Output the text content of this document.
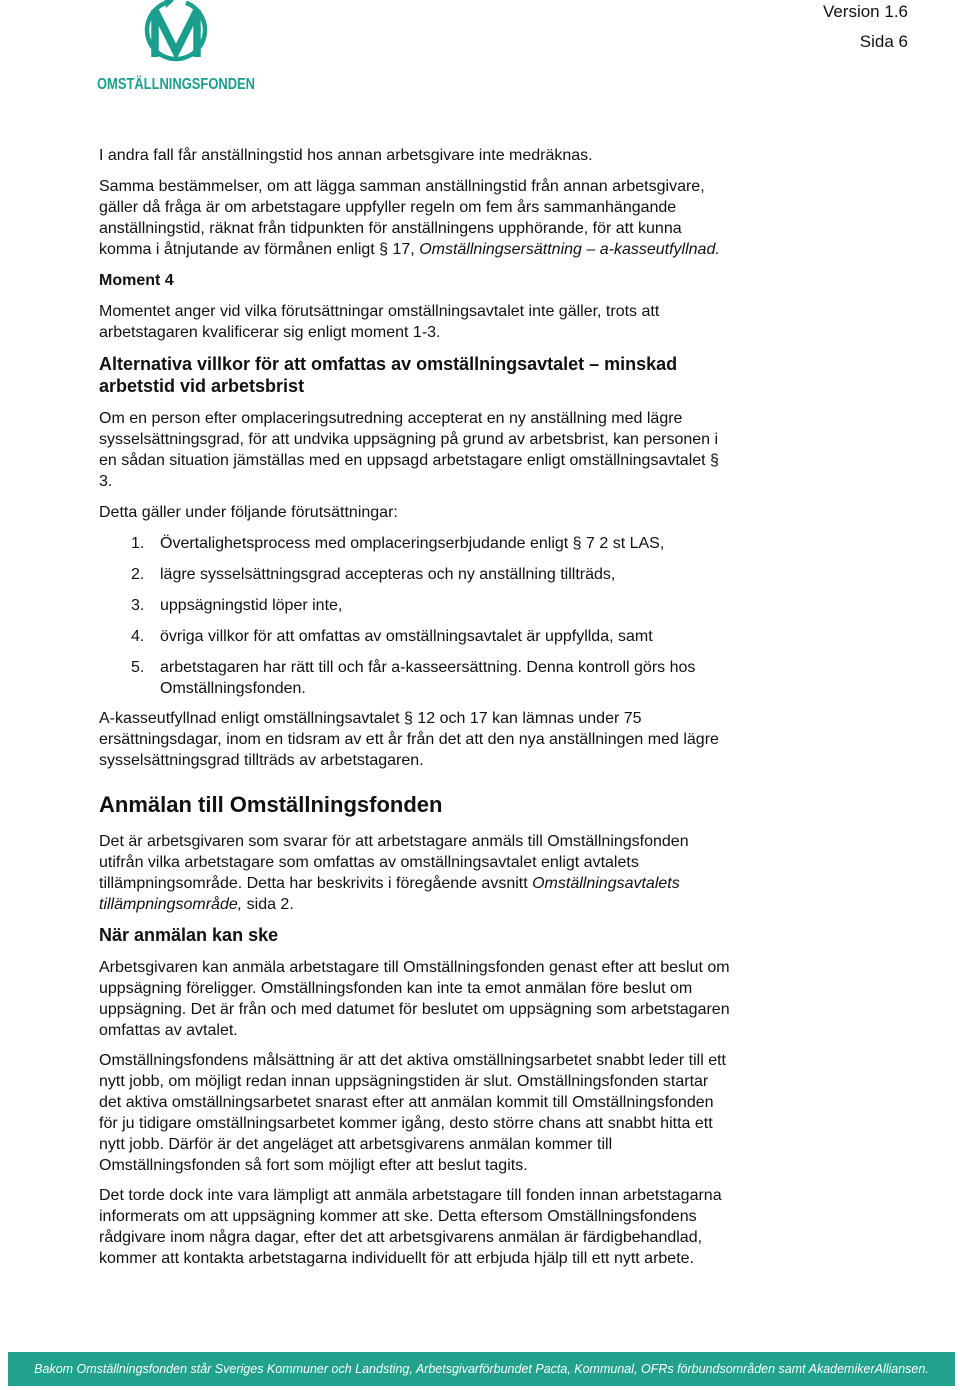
OMSTÄLLNINGSFONDEN
Version 1.6
Sida 6
I andra fall får anställningstid hos annan arbetsgivare inte medräknas.
Samma bestämmelser, om att lägga samman anställningstid från annan arbetsgivare,
gäller då fråga är om arbetstagare uppfyller regeln om fem års sammanhängande
anställningstid, räknat från tidpunkten för anställningens upphörande, för att kunna
komma i åtnjutande av förmånen enligt § 17, Omställningsersättning – a-kasseutfyllnad.
Moment 4
Momentet anger vid vilka förutsättningar omställningsavtalet inte gäller, trots att
arbetstagaren kvalificerar sig enligt moment 1-3.
Alternativa villkor för att omfattas av omställningsavtalet – minskad
arbetstid vid arbetsbrist
Om en person efter omplaceringsutredning accepterat en ny anställning med lägre
sysselsättningsgrad, för att undvika uppsägning på grund av arbetsbrist, kan personen i
en sådan situation jämställas med en uppsagd arbetstagare enligt omställningsavtalet §
3.
Detta gäller under följande förutsättningar:
1. Övertalighetsprocess med omplaceringserbjudande enligt § 7 2 st LAS,
2. lägre sysselsättningsgrad accepteras och ny anställning tillträds,
3. uppsägningstid löper inte,
4. övriga villkor för att omfattas av omställningsavtalet är uppfyllda, samt
5. arbetstagaren har rätt till och får a-kasseersättning. Denna kontroll görs hos
Omställningsfonden.
A-kasseutfyllnad enligt omställningsavtalet § 12 och 17 kan lämnas under 75
ersättningsdagar, inom en tidsram av ett år från det att den nya anställningen med lägre
sysselsättningsgrad tillträds av arbetstagaren.
Anmälan till Omställningsfonden
Det är arbetsgivaren som svarar för att arbetstagare anmäls till Omställningsfonden
utifrån vilka arbetstagare som omfattas av omställningsavtalet enligt avtalets
tillämpningsområde. Detta har beskrivits i föregående avsnitt Omställningsavtalets
tillämpningsområde, sida 2.
När anmälan kan ske
Arbetsgivaren kan anmäla arbetstagare till Omställningsfonden genast efter att beslut om
uppsägning föreligger. Omställningsfonden kan inte ta emot anmälan före beslut om
uppsägning. Det är från och med datumet för beslutet om uppsägning som arbetstagaren
omfattas av avtalet.
Omställningsfondens målsättning är att det aktiva omställningsarbetet snabbt leder till ett
nytt jobb, om möjligt redan innan uppsägningstiden är slut. Omställningsfonden startar
det aktiva omställningsarbetet snarast efter att anmälan kommit till Omställningsfonden
för ju tidigare omställningsarbetet kommer igång, desto större chans att snabbt hitta ett
nytt jobb. Därför är det angeläget att arbetsgivarens anmälan kommer till
Omställningsfonden så fort som möjligt efter att beslut tagits.
Det torde dock inte vara lämpligt att anmäla arbetstagare till fonden innan arbetstagarna
informerats om att uppsägning kommer att ske. Detta eftersom Omställningsfondens
rådgivare inom några dagar, efter det att arbetsgivarens anmälan är färdigbehandlad,
kommer att kontakta arbetstagarna individuellt för att erbjuda hjälp till ett nytt arbete.
Bakom Omställningsfonden står Sveriges Kommuner och Landsting, Arbetsgivarförbundet Pacta, Kommunal, OFRs förbundsområden samt AkademikerAlliansen.
